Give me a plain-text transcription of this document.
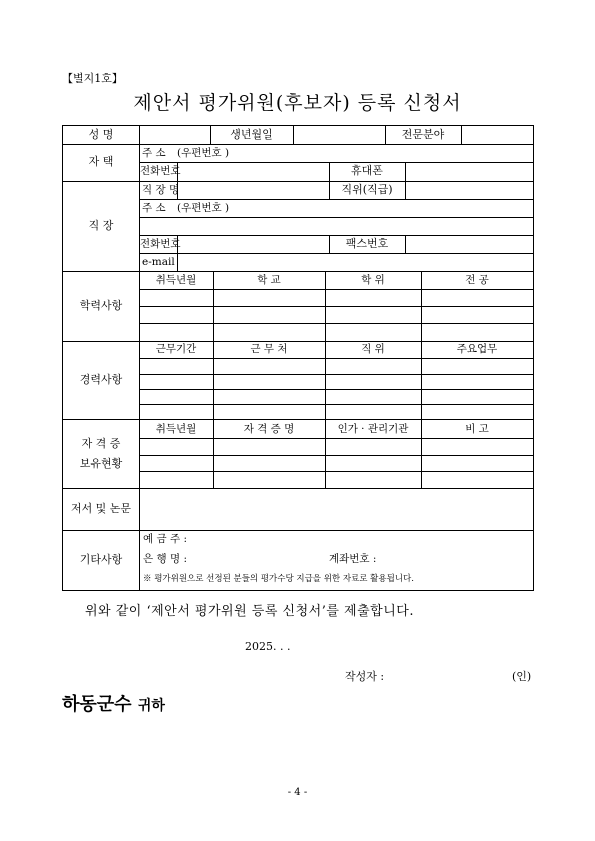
【별지1호】
제안서 평가위원(후보자) 등록 신청서
성 명	생년월일	전문분야
자 택
주 소 (우편번호 )
전화번호	휴대폰
직 장
직 장 명	직위(직급)
주 소 (우편번호 )
전화번호	팩스번호
e-mail
학력사항
취득년월	학 교	학 위	전 공
경력사항
근무기간	근 무 처	직 위	주요업무
자 격 증
보유현황
취득년월	자 격 증 명	인가 · 관리기관	비 고
저서 및 논문
기타사항
예 금 주 :
은 행 명 :	계좌번호 :
※ 평가위원으로 선정된 분들의 평가수당 지급을 위한 자료로 활용됩니다.
위와 같이 ‘제안서 평가위원 등록 신청서’를 제출합니다.
2025. . .
작성자 :	(인)
하동군수 귀하
- 4 -
